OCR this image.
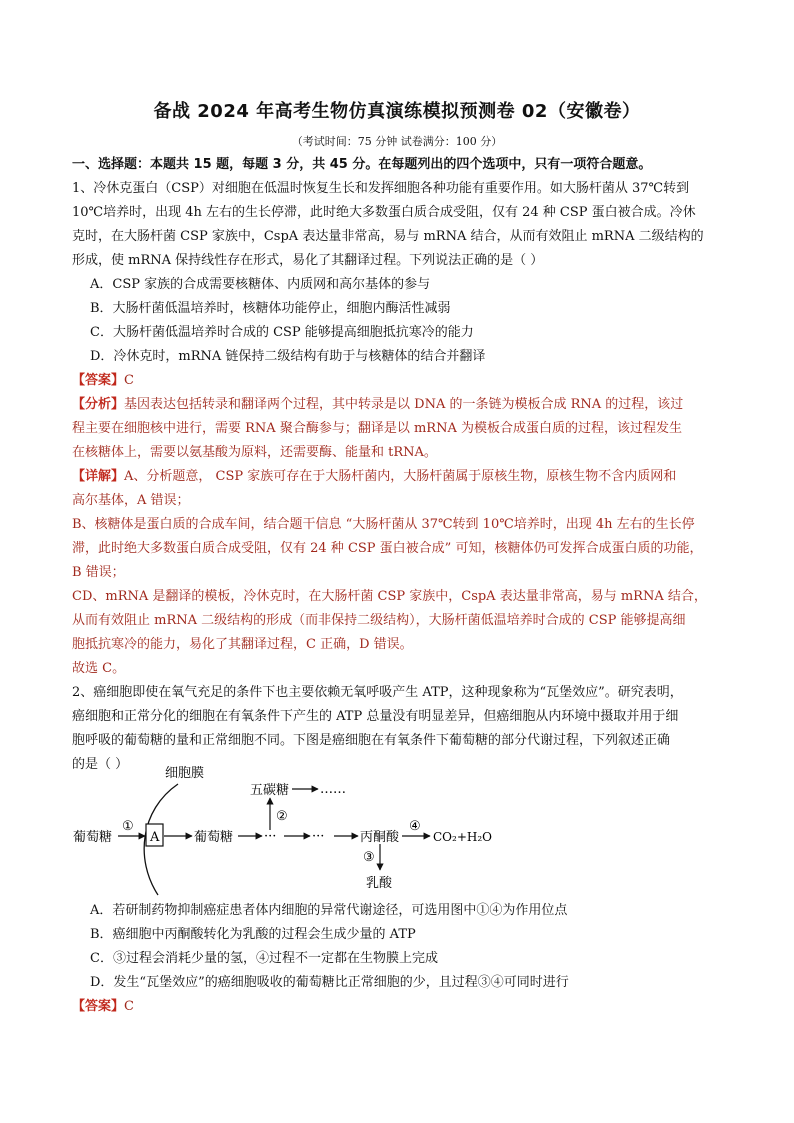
备战 2024 年高考生物仿真演练模拟预测卷 02（安徽卷）
（考试时间：75 分钟 试卷满分：100 分）
一、选择题：本题共 15 题，每题 3 分，共 45 分。在每题列出的四个选项中，只有一项符合题意。
1、冷休克蛋白（CSP）对细胞在低温时恢复生长和发挥细胞各种功能有重要作用。如大肠杆菌从 37℃转到
10℃培养时，出现 4h 左右的生长停滞，此时绝大多数蛋白质合成受阻，仅有 24 种 CSP 蛋白被合成。冷休
克时，在大肠杆菌 CSP 家族中，CspA 表达量非常高，易与 mRNA 结合，从而有效阻止 mRNA 二级结构的
形成，使 mRNA 保持线性存在形式，易化了其翻译过程。下列说法正确的是（ ）
A．CSP 家族的合成需要核糖体、内质网和高尔基体的参与
B．大肠杆菌低温培养时，核糖体功能停止，细胞内酶活性减弱
C．大肠杆菌低温培养时合成的 CSP 能够提高细胞抵抗寒冷的能力
D．冷休克时，mRNA 链保持二级结构有助于与核糖体的结合并翻译
【答案】C
【分析】基因表达包括转录和翻译两个过程，其中转录是以 DNA 的一条链为模板合成 RNA 的过程，该过
程主要在细胞核中进行，需要 RNA 聚合酶参与；翻译是以 mRNA 为模板合成蛋白质的过程，该过程发生
在核糖体上，需要以氨基酸为原料，还需要酶、能量和 tRNA。
【详解】A、分析题意， CSP 家族可存在于大肠杆菌内，大肠杆菌属于原核生物，原核生物不含内质网和
高尔基体，A 错误；
B、核糖体是蛋白质的合成车间，结合题干信息 “大肠杆菌从 37℃转到 10℃培养时，出现 4h 左右的生长停
滞，此时绝大多数蛋白质合成受阻，仅有 24 种 CSP 蛋白被合成” 可知，核糖体仍可发挥合成蛋白质的功能，
B 错误；
CD、mRNA 是翻译的模板，冷休克时，在大肠杆菌 CSP 家族中，CspA 表达量非常高，易与 mRNA 结合，
从而有效阻止 mRNA 二级结构的形成（而非保持二级结构），大肠杆菌低温培养时合成的 CSP 能够提高细
胞抵抗寒冷的能力，易化了其翻译过程，C 正确，D 错误。
故选 C。
2、癌细胞即使在氧气充足的条件下也主要依赖无氧呼吸产生 ATP，这种现象称为“瓦堡效应”。研究表明，
癌细胞和正常分化的细胞在有氧条件下产生的 ATP 总量没有明显差异，但癌细胞从内环境中摄取并用于细
胞呼吸的葡萄糖的量和正常细胞不同。下图是癌细胞在有氧条件下葡萄糖的部分代谢过程，下列叙述正确
的是（ ）
细胞膜
葡萄糖
①
A	葡萄糖 ···
②
五碳糖 ……
···	丙酮酸
④
CO₂+H₂O
③
乳酸
A．若研制药物抑制癌症患者体内细胞的异常代谢途径，可选用图中①④为作用位点
B．癌细胞中丙酮酸转化为乳酸的过程会生成少量的 ATP
C．③过程会消耗少量的氢，④过程不一定都在生物膜上完成
D．发生“瓦堡效应”的癌细胞吸收的葡萄糖比正常细胞的少，且过程③④可同时进行
【答案】C
